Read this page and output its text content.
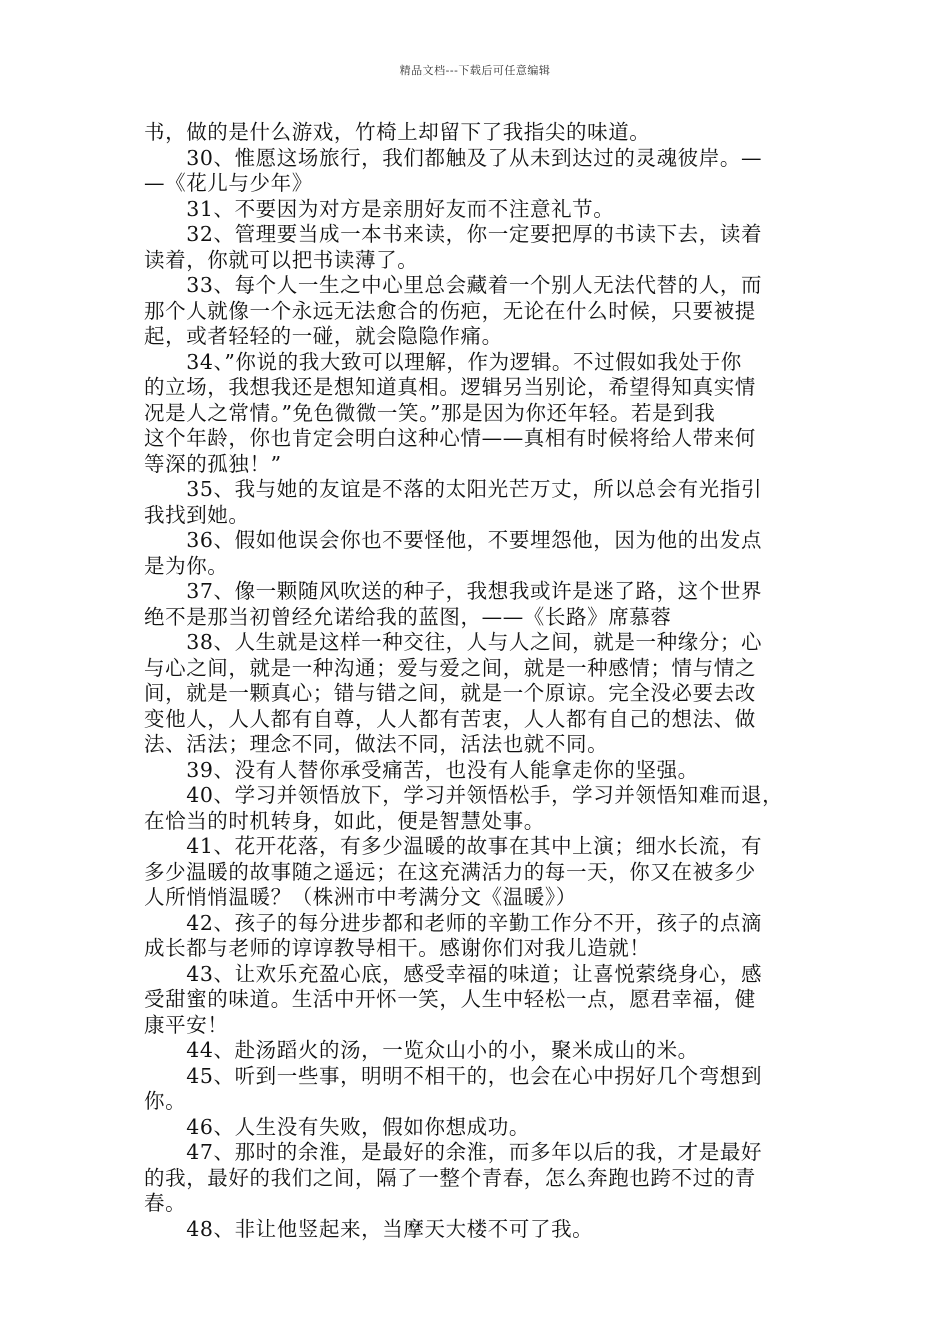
精品文档---下载后可任意编辑
书，做的是什么游戏，竹椅上却留下了我指尖的味道。
　　30、惟愿这场旅行，我们都触及了从未到达过的灵魂彼岸。—
—《花儿与少年》
　　31、不要因为对方是亲朋好友而不注意礼节。
　　32、管理要当成一本书来读，你一定要把厚的书读下去，读着
读着，你就可以把书读薄了。
　　33、每个人一生之中心里总会藏着一个别人无法代替的人，而
那个人就像一个永远无法愈合的伤疤，无论在什么时候，只要被提
起，或者轻轻的一碰，就会隐隐作痛。
　　34、”你说的我大致可以理解，作为逻辑。不过假如我处于你
的立场，我想我还是想知道真相。逻辑另当别论，希望得知真实情
况是人之常情。”免色微微一笑。”那是因为你还年轻。若是到我
这个年龄，你也肯定会明白这种心情——真相有时候将给人带来何
等深的孤独！”
　　35、我与她的友谊是不落的太阳光芒万丈，所以总会有光指引
我找到她。
　　36、假如他误会你也不要怪他，不要埋怨他，因为他的出发点
是为你。
　　37、像一颗随风吹送的种子，我想我或许是迷了路，这个世界
绝不是那当初曾经允诺给我的蓝图，——《长路》席慕蓉
　　38、人生就是这样一种交往，人与人之间，就是一种缘分；心
与心之间，就是一种沟通；爱与爱之间，就是一种感情；情与情之
间，就是一颗真心；错与错之间，就是一个原谅。完全没必要去改
变他人，人人都有自尊，人人都有苦衷，人人都有自己的想法、做
法、活法；理念不同，做法不同，活法也就不同。
　　39、没有人替你承受痛苦，也没有人能拿走你的坚强。
　　40、学习并领悟放下，学习并领悟松手，学习并领悟知难而退，
在恰当的时机转身，如此，便是智慧处事。
　　41、花开花落，有多少温暖的故事在其中上演；细水长流，有
多少温暖的故事随之遥远；在这充满活力的每一天，你又在被多少
人所悄悄温暖？（株洲市中考满分文《温暖》）
　　42、孩子的每分进步都和老师的辛勤工作分不开，孩子的点滴
成长都与老师的谆谆教导相干。感谢你们对我儿造就！
　　43、让欢乐充盈心底，感受幸福的味道；让喜悦萦绕身心，感
受甜蜜的味道。生活中开怀一笑，人生中轻松一点，愿君幸福，健
康平安！
　　44、赴汤蹈火的汤，一览众山小的小，聚米成山的米。
　　45、听到一些事，明明不相干的，也会在心中拐好几个弯想到
你。
　　46、人生没有失败，假如你想成功。
　　47、那时的余淮，是最好的余淮，而多年以后的我，才是最好
的我，最好的我们之间，隔了一整个青春，怎么奔跑也跨不过的青
春。
　　48、非让他竖起来，当摩天大楼不可了我。
